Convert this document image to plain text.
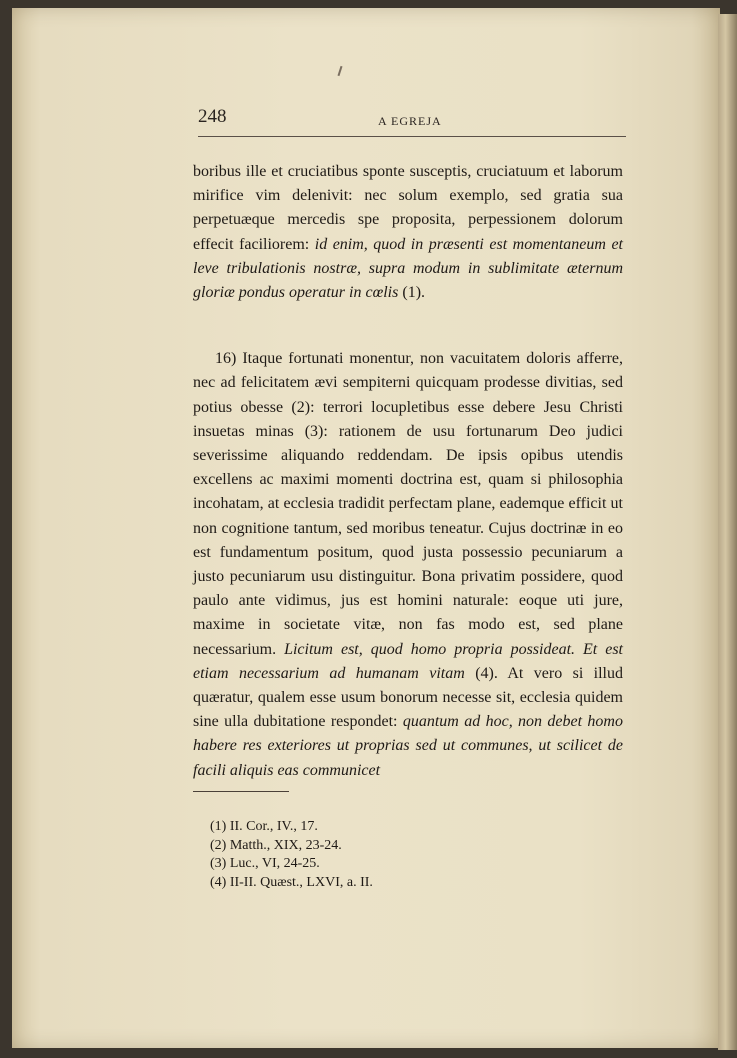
248	A EGREJA

boribus ille et cruciatibus sponte susceptis, cruciatuum et laborum mirifice vim delenivit: nec solum exemplo, sed gratia sua perpetuæque mercedis spe proposita, perpessionem dolorum effecit faciliorem: id enim, quod in præsenti est momentaneum et leve tribulationis nostræ, supra modum in sublimitate æternum gloriæ pondus operatur in cœlis (1).

16) Itaque fortunati monentur, non vacuitatem doloris afferre, nec ad felicitatem ævi sempiterni quicquam prodesse divitias, sed potius obesse (2): terrori locupletibus esse debere Jesu Christi insuetas minas (3): rationem de usu fortunarum Deo judici severissime aliquando reddendam. De ipsis opibus utendis excellens ac maximi momenti doctrina est, quam si philosophia incohatam, at ecclesia tradidit perfectam plane, eademque efficit ut non cognitione tantum, sed moribus teneatur. Cujus doctrinæ in eo est fundamentum positum, quod justa possessio pecuniarum a justo pecuniarum usu distinguitur. Bona privatim possidere, quod paulo ante vidimus, jus est homini naturale: eoque uti jure, maxime in societate vitæ, non fas modo est, sed plane necessarium. Licitum est, quod homo propria possideat. Et est etiam necessarium ad humanam vitam (4). At vero si illud quæratur, qualem esse usum bonorum necesse sit, ecclesia quidem sine ulla dubitatione respondet: quantum ad hoc, non debet homo habere res exteriores ut proprias sed ut communes, ut scilicet de facili aliquis eas communicet

(1) II. Cor., IV., 17.
(2) Matth., XIX, 23-24.
(3) Luc., VI, 24-25.
(4) II-II. Quæst., LXVI, a. II.
